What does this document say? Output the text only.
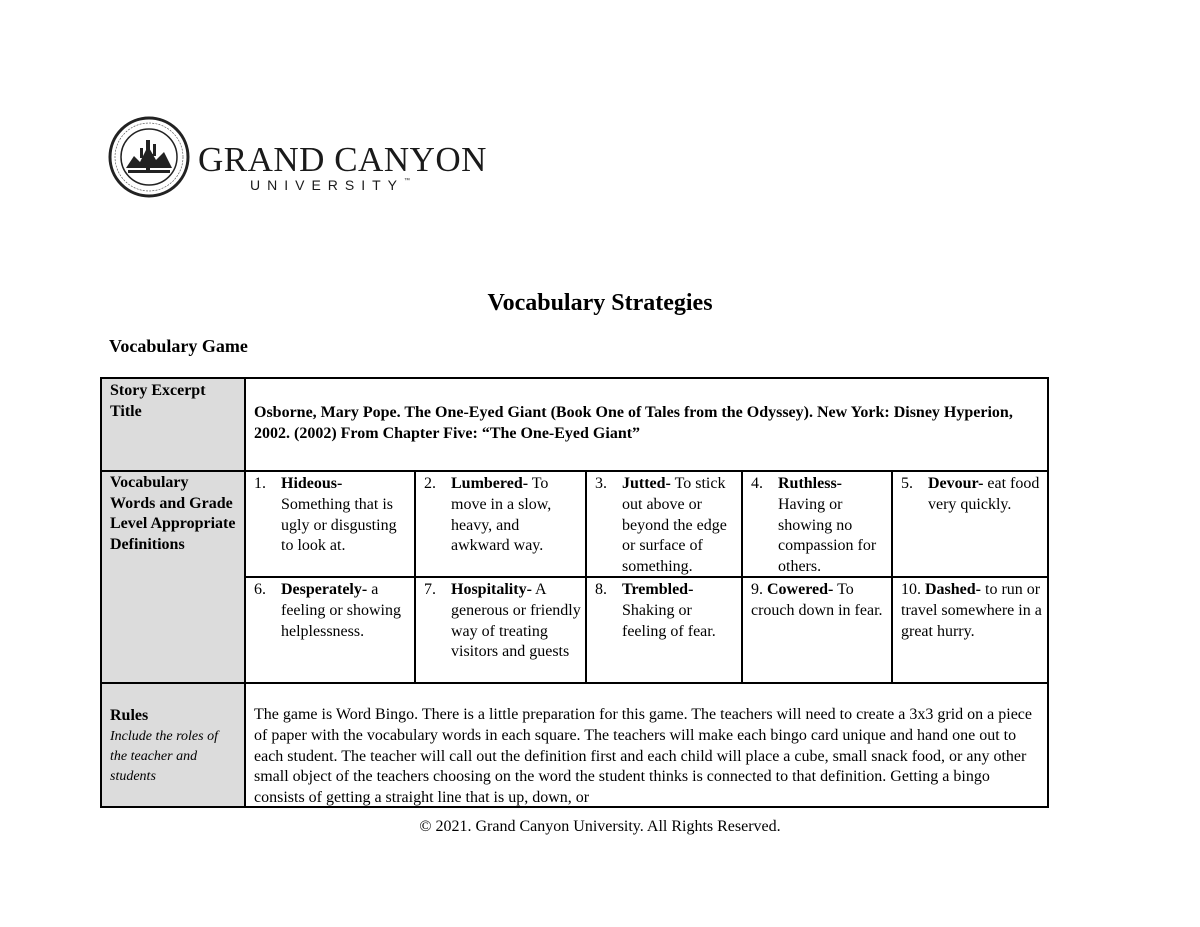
GRAND CANYON
UNIVERSITY™
Vocabulary Strategies
Vocabulary Game
Story Excerpt Title	Osborne, Mary Pope. The One-Eyed Giant (Book One of Tales from the Odyssey). New York: Disney Hyperion, 2002. (2002) From Chapter Five: “The One-Eyed Giant”
Vocabulary Words and Grade Level Appropriate Definitions
1. Hideous- Something that is ugly or disgusting to look at.
2. Lumbered- To move in a slow, heavy, and awkward way.
3. Jutted- To stick out above or beyond the edge or surface of something.
4. Ruthless- Having or showing no compassion for others.
5. Devour- eat food very quickly.
6. Desperately- a feeling or showing helplessness.
7. Hospitality- A generous or friendly way of treating visitors and guests
8. Trembled- Shaking or feeling of fear.
9. Cowered- To crouch down in fear.
10. Dashed- to run or travel somewhere in a great hurry.
Rules
Include the roles of the teacher and students
The game is Word Bingo. There is a little preparation for this game. The teachers will need to create a 3x3 grid on a piece of paper with the vocabulary words in each square. The teachers will make each bingo card unique and hand one out to each student. The teacher will call out the definition first and each child will place a cube, small snack food, or any other small object of the teachers choosing on the word the student thinks is connected to that definition. Getting a bingo consists of getting a straight line that is up, down, or
© 2021. Grand Canyon University. All Rights Reserved.
